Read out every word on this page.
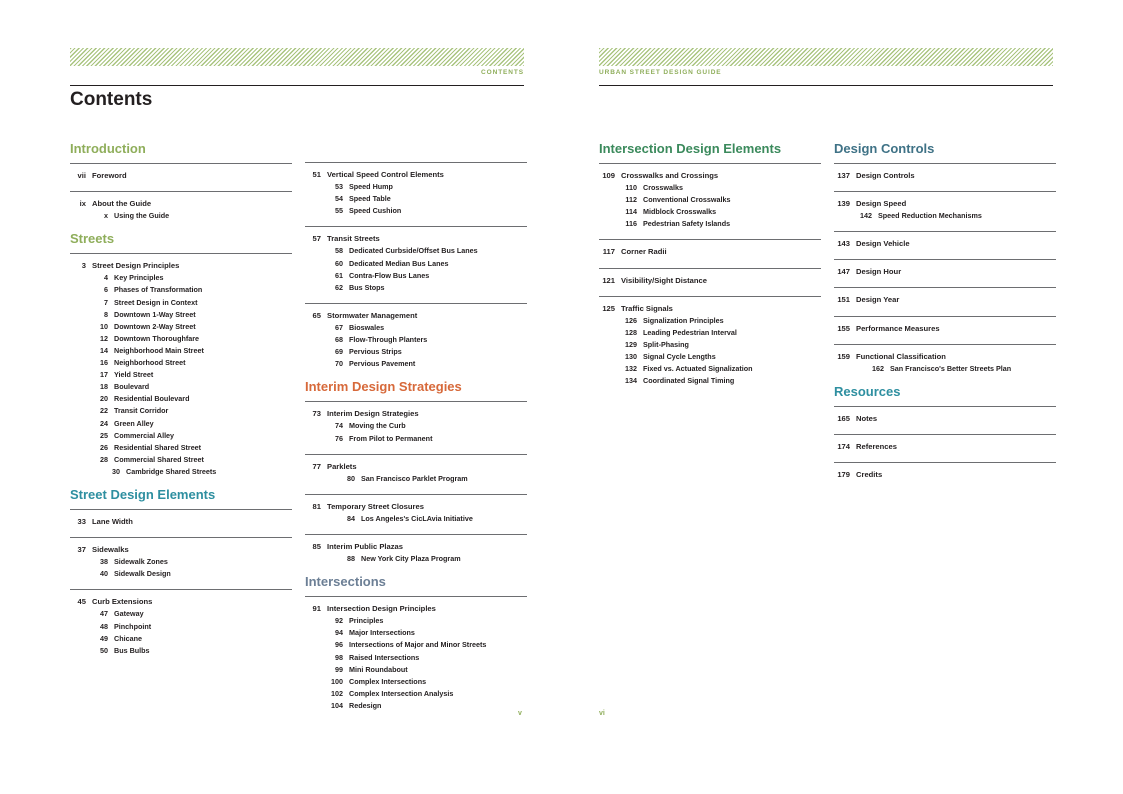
CONTENTS
Contents
URBAN STREET DESIGN GUIDE
v	vi
Introduction
vii Foreword
ix About the Guide
x Using the Guide
Streets
3 Street Design Principles
4 Key Principles
6 Phases of Transformation
7 Street Design in Context
8 Downtown 1-Way Street
10 Downtown 2-Way Street
12 Downtown Thoroughfare
14 Neighborhood Main Street
16 Neighborhood Street
17 Yield Street
18 Boulevard
20 Residential Boulevard
22 Transit Corridor
24 Green Alley
25 Commercial Alley
26 Residential Shared Street
28 Commercial Shared Street
30 Cambridge Shared Streets
Street Design Elements
33 Lane Width
37 Sidewalks
38 Sidewalk Zones
40 Sidewalk Design
45 Curb Extensions
47 Gateway
48 Pinchpoint
49 Chicane
50 Bus Bulbs
51 Vertical Speed Control Elements
53 Speed Hump
54 Speed Table
55 Speed Cushion
57 Transit Streets
58 Dedicated Curbside/Offset Bus Lanes
60 Dedicated Median Bus Lanes
61 Contra-Flow Bus Lanes
62 Bus Stops
65 Stormwater Management
67 Bioswales
68 Flow-Through Planters
69 Pervious Strips
70 Pervious Pavement
Interim Design Strategies
73 Interim Design Strategies
74 Moving the Curb
76 From Pilot to Permanent
77 Parklets
80 San Francisco Parklet Program
81 Temporary Street Closures
84 Los Angeles's CicLAvia Initiative
85 Interim Public Plazas
88 New York City Plaza Program
Intersections
91 Intersection Design Principles
92 Principles
94 Major Intersections
96 Intersections of Major and Minor Streets
98 Raised Intersections
99 Mini Roundabout
100 Complex Intersections
102 Complex Intersection Analysis
104 Redesign
Intersection Design Elements
109 Crosswalks and Crossings
110 Crosswalks
112 Conventional Crosswalks
114 Midblock Crosswalks
116 Pedestrian Safety Islands
117 Corner Radii
121 Visibility/Sight Distance
125 Traffic Signals
126 Signalization Principles
128 Leading Pedestrian Interval
129 Split-Phasing
130 Signal Cycle Lengths
132 Fixed vs. Actuated Signalization
134 Coordinated Signal Timing
Design Controls
137 Design Controls
139 Design Speed
142 Speed Reduction Mechanisms
143 Design Vehicle
147 Design Hour
151 Design Year
155 Performance Measures
159 Functional Classification
162 San Francisco's Better Streets Plan
Resources
165 Notes
174 References
179 Credits
